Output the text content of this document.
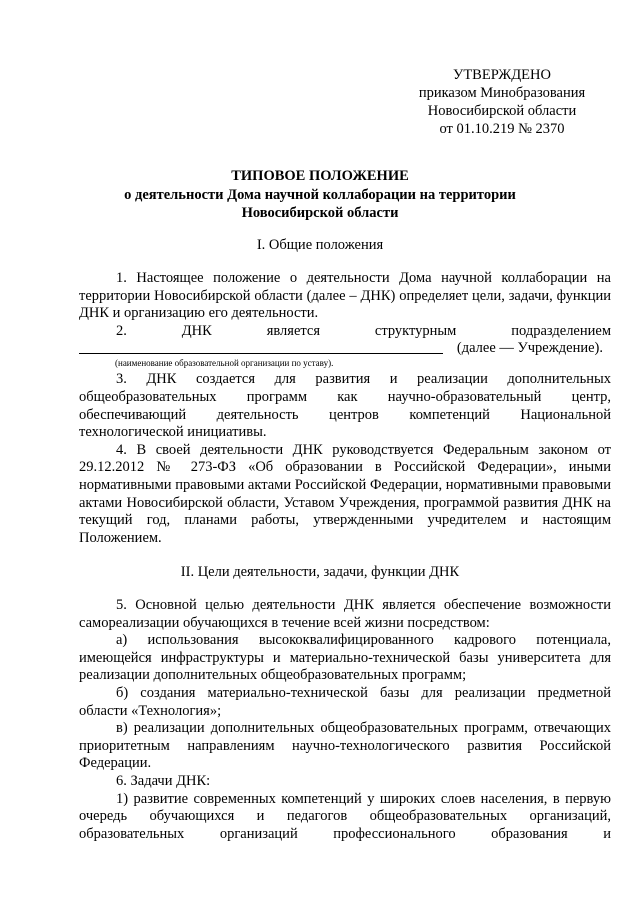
УТВЕРЖДЕНО
приказом Минобразования
Новосибирской области
от 01.10.219 № 2370
ТИПОВОЕ ПОЛОЖЕНИЕ
о деятельности Дома научной коллаборации на территории
Новосибирской области
I. Общие положения

1. Настоящее положение о деятельности Дома научной коллаборации на территории Новосибирской области (далее – ДНК) определяет цели, задачи, функции ДНК и организацию его деятельности.

2. ДНК является структурным подразделением

(далее — Учреждение).

(наименование образовательной организации по уставу).

3. ДНК создается для развития и реализации дополнительных общеобразовательных программ как научно-образовательный центр, обеспечивающий деятельность центров компетенций Национальной технологической инициативы.

4. В своей деятельности ДНК руководствуется Федеральным законом от 29.12.2012 № 273-ФЗ «Об образовании в Российской Федерации», иными нормативными правовыми актами Российской Федерации, нормативными правовыми актами Новосибирской области, Уставом Учреждения, программой развития ДНК на текущий год, планами работы, утвержденными учредителем и настоящим Положением.

II. Цели деятельности, задачи, функции ДНК

5. Основной целью деятельности ДНК является обеспечение возможности самореализации обучающихся в течение всей жизни посредством:

а) использования высококвалифицированного кадрового потенциала, имеющейся инфраструктуры и материально-технической базы университета для реализации дополнительных общеобразовательных программ;

б) создания материально-технической базы для реализации предметной области «Технология»;

в) реализации дополнительных общеобразовательных программ, отвечающих приоритетным направлениям научно-технологического развития Российской Федерации.

6. Задачи ДНК:

1) развитие современных компетенций у широких слоев населения, в первую очередь обучающихся и педагогов общеобразовательных организаций, образовательных организаций профессионального образования и
